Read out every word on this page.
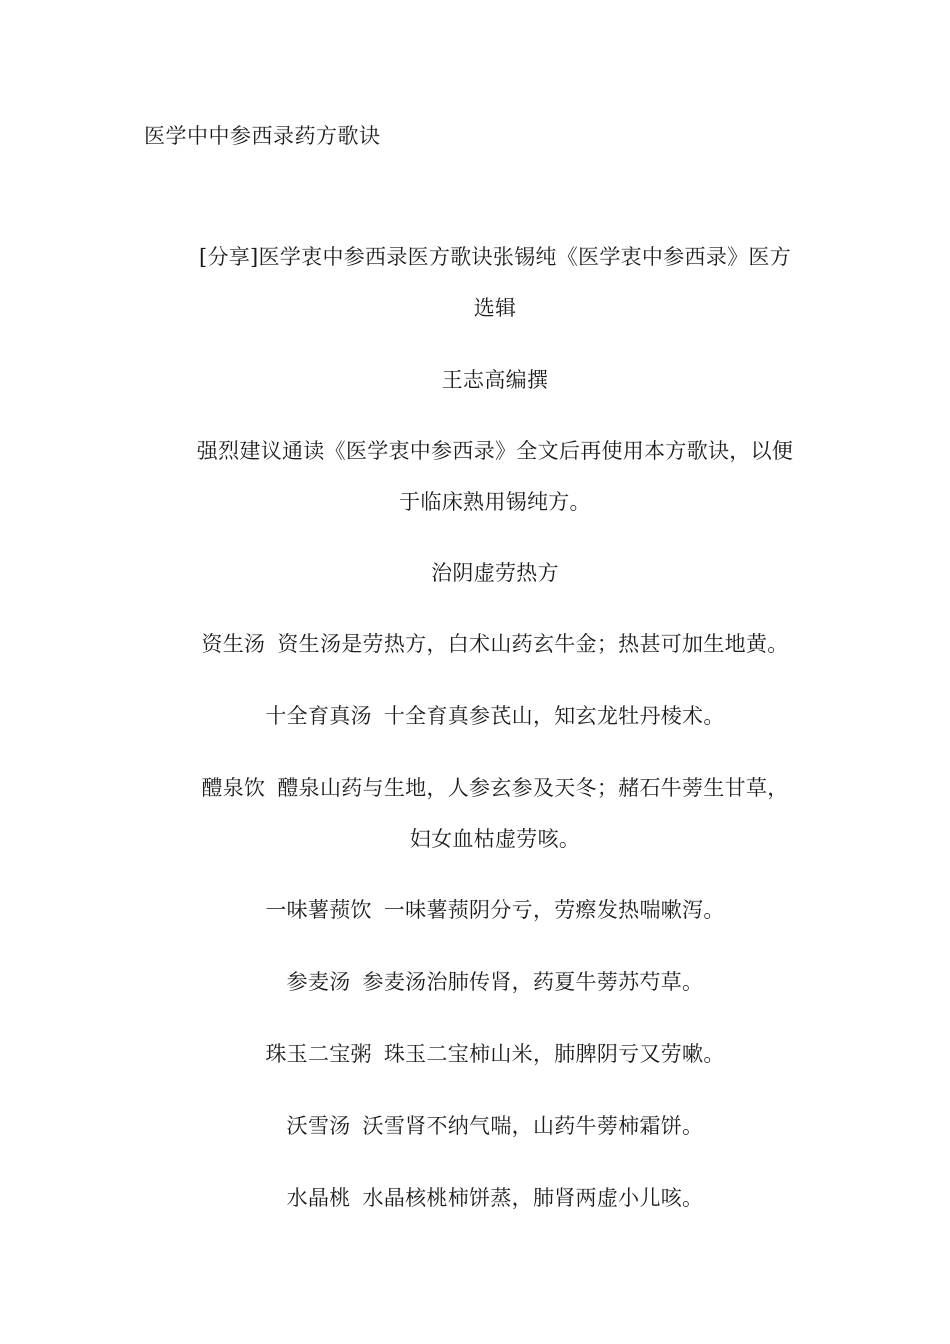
医学中中参西录药方歌诀
[分享]医学衷中参西录医方歌诀张锡纯《医学衷中参西录》医方
选辑
王志高编撰
强烈建议通读《医学衷中参西录》全文后再使用本方歌诀，以便
于临床熟用锡纯方。
治阴虚劳热方
资生汤 资生汤是劳热方，白术山药玄牛金；热甚可加生地黄。
十全育真汤 十全育真参芪山，知玄龙牡丹棱术。
醴泉饮 醴泉山药与生地，人参玄参及天冬；赭石牛蒡生甘草，
妇女血枯虚劳咳。
一味薯蓣饮 一味薯蓣阴分亏，劳瘵发热喘嗽泻。
参麦汤 参麦汤治肺传肾，药夏牛蒡苏芍草。
珠玉二宝粥 珠玉二宝柿山米，肺脾阴亏又劳嗽。
沃雪汤 沃雪肾不纳气喘，山药牛蒡柿霜饼。
水晶桃 水晶核桃柿饼蒸，肺肾两虚小儿咳。
